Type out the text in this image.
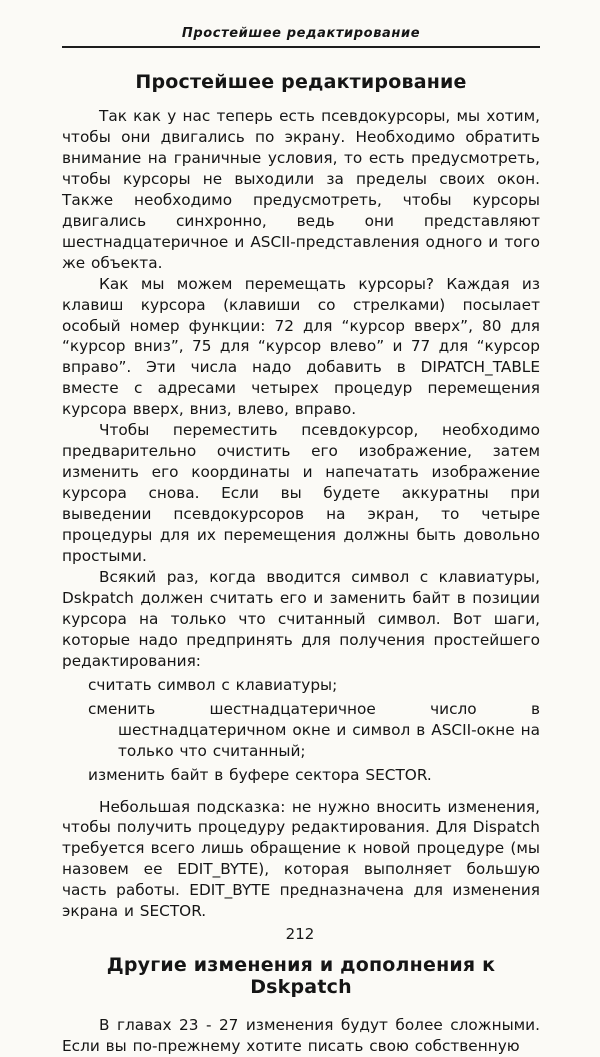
Простейшее редактирование
Простейшее редактирование

Так как у нас теперь есть псевдокурсоры, мы хотим, чтобы они двигались по экрану. Необходимо обратить внимание на граничные условия, то есть предусмотреть, чтобы курсоры не выходили за пределы своих окон. Также необходимо предусмотреть, чтобы курсоры двигались синхронно, ведь они представляют шестнадцатеричное и ASCII-представления одного и того же объекта.

Как мы можем перемещать курсоры? Каждая из клавиш курсора (клавиши со стрелками) посылает особый номер функции: 72 для “курсор вверх”, 80 для “курсор вниз”, 75 для “курсор влево” и 77 для “курсор вправо”. Эти числа надо добавить в DIPATCH_TABLE вместе с адресами четырех процедур перемещения курсора вверх, вниз, влево, вправо.

Чтобы переместить псевдокурсор, необходимо предварительно очистить его изображение, затем изменить его координаты и напечатать изображение курсора снова. Если вы будете аккуратны при выведении псевдокурсоров на экран, то четыре процедуры для их перемещения должны быть довольно простыми.

Всякий раз, когда вводится символ с клавиатуры, Dskpatch должен считать его и заменить байт в позиции курсора на только что считанный символ. Вот шаги, которые надо предпринять для получения простейшего редактирования:

считать символ с клавиатуры;
сменить шестнадцатеричное число в шестнадцатеричном окне и символ в ASCII-окне на только что считанный;
изменить байт в буфере сектора SECTOR.

Небольшая подсказка: не нужно вносить изменения, чтобы получить процедуру редактирования. Для Dispatch требуется всего лишь обращение к новой процедуре (мы назовем ее EDIT_BYTE), которая выполняет большую часть работы. EDIT_BYTE предназначена для изменения экрана и SECTOR.

Другие изменения и дополнения к Dskpatch

В главах 23 - 27 изменения будут более сложными. Если вы по-прежнему хотите писать свою собственную

212
